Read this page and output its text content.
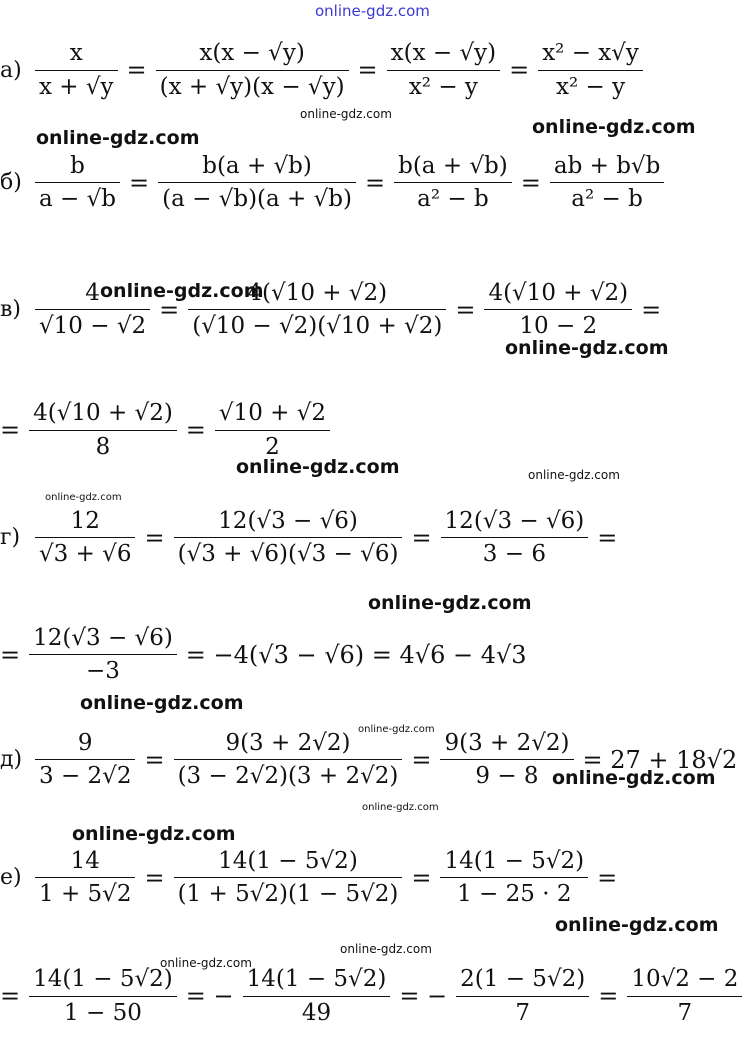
online-gdz.com
$а) \frac{x}{x + √y} = \frac{x(x - √y)}{(x + √y)(x - √y)} = \frac{x(x - √y)}{\text{x² − y}} = \frac{\text{x² − x√y}}{\text{x² − y}}$
$б) \frac{b}{a - √b} = \frac{b(a + √b)}{(a - √b)(a + √b)} = \frac{b(a + √b)}{\text{a² − b}} = \frac{ab + b√b}{\text{a² − b}}$
$в) \frac{4}{√10 - √2} = \frac{4(√10 + √2)}{(√10 - √2)(√10 + √2)} = \frac{4(√10 + √2)}{10 - 2}$ =
= $\frac{4(√10 + √2)}{8} = \frac{√10 + √2}{2}$
$г) \frac{12}{√3 + √6} = \frac{12(√3 - √6)}{(√3 + √6)(√3 - √6)} = \frac{12(√3 - √6)}{3 - 6}$ =
= $\frac{12(√3 - √6)}{-3} = -4(√3 - √6) = 4√6 - 4√3$
$д) \frac{9}{3 - 2√2} = \frac{9(3 + 2√2)}{(3 - 2√2)(3 + 2√2)} = \frac{9(3 + 2√2)}{9 - 8} = 27 + 18√2$
$е) \frac{14}{1 + 5√2} = \frac{14(1 - 5√2)}{(1 + 5√2)(1 - 5√2)} = \frac{14(1 - 5√2)}{1 - 25 \cdot 2}$ =
= $\frac{14(1 - 5√2)}{1 - 50}$ = − $\frac{14(1 - 5√2)}{49}$ = − $\frac{2(1 - 5√2)}{7} = \frac{10√2 - 2}{7}$
online-gdz.com
online-gdz.com
online-gdz.com
online-gdz.com
online-gdz.com
online-gdz.com	online-gdz.com
online-gdz.com
online-gdz.com
online-gdz.com
online-gdz.com
online-gdz.com
online-gdz.com
online-gdz.com
online-gdz.com
online-gdz.com
online-gdz.com
